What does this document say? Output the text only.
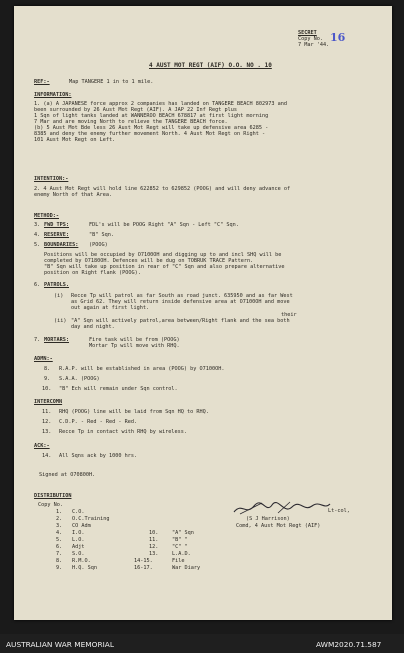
SECRET
Copy No. 16
7 Mar '44.
4 AUST MOT REGT (AIF) O.O. NO . 10
REF:-	Map TANGERE 1 in to 1 mile.
INFORMATION:
1. (a) A JAPANESE force approx 2 companies has landed on TANGERE BEACH 802973 and
been surrounded by 26 Aust Mot Regt (AIF). A JAP 22 Inf Regt plus
1 Sqn of light tanks landed at WANNEROO BEACH 678817 at first light morning
7 Mar and are moving North to relieve the TANGERE BEACH force.
(b) 5 Aust Mot Bde less 26 Aust Mot Regt will take up defensive area 6285 -
8385 and deny the enemy further movement North. 4 Aust Mot Regt on Right -
101 Aust Mot Regt on Left.
INTENTION:-
2. 4 Aust Mot Regt will hold line 622852 to 629852 (POOG) and will deny advance of
enemy North of that Area.
METHOD:-
3. FWD TPS:	FDL's will be POOG Right "A" Sqn - Left "C" Sqn.
4. RESERVE:	"B" Sqn.
5. BOUNDARIES: (POOG)
Positions will be occupied by O7100OH and digging up to and incl SHQ will be
completed by O7180OH. Defences will be dug on TOBRUK TRACE Pattern.
"B" Sqn will take up position in rear of "C" Sqn and also prepare alternative
position on Right flank (POOG).
6. PATROLS.
(i) Recce Tp will patrol as far South as road junct. 635950 and as far West
as Grid 62. They will return inside defensive area at O7100OH and move
out again at first light.
their
(ii) "A" Sqn will actively patrol,area between/Right flank and the sea both
day and night.
7. MORTARS:	Fire task will be from (POOG)
Mortar Tp will move with RHQ.
ADMN:-
8. R.A.P. will be established in area (POOG) by O7100OH.
9. S.A.A. (POOG)
10. "B" Ech will remain under Sqn control.
INTERCOMN
11. RHQ (POOG) line will be laid from Sqn HQ to RHQ.
12. C.D.P. - Red - Red - Red.
13. Recce Tp in contact with RHQ by wireless.
ACK:-
14. All Sqns ack by 1000 hrs.
Signed at O70800H.
Lt-col,
(S J Harrison)
Comd, 4 Aust Mot Regt (AIF)
DISTRIBUTION
Copy No.
1. C.O.
2. O.C.Training
3. CO Adm
4. I.O.
5. L.O.
6. Adjt
7. S.O.
8. R.M.O.
9. H.Q. Sqn
10.	"A" Sqn
11.	"B" "
12.	"C" "
13.	L.A.D.
14-15.	File
16-17.	War Diary
AUSTRALIAN WAR MEMORIAL	AWM2020.71.587
